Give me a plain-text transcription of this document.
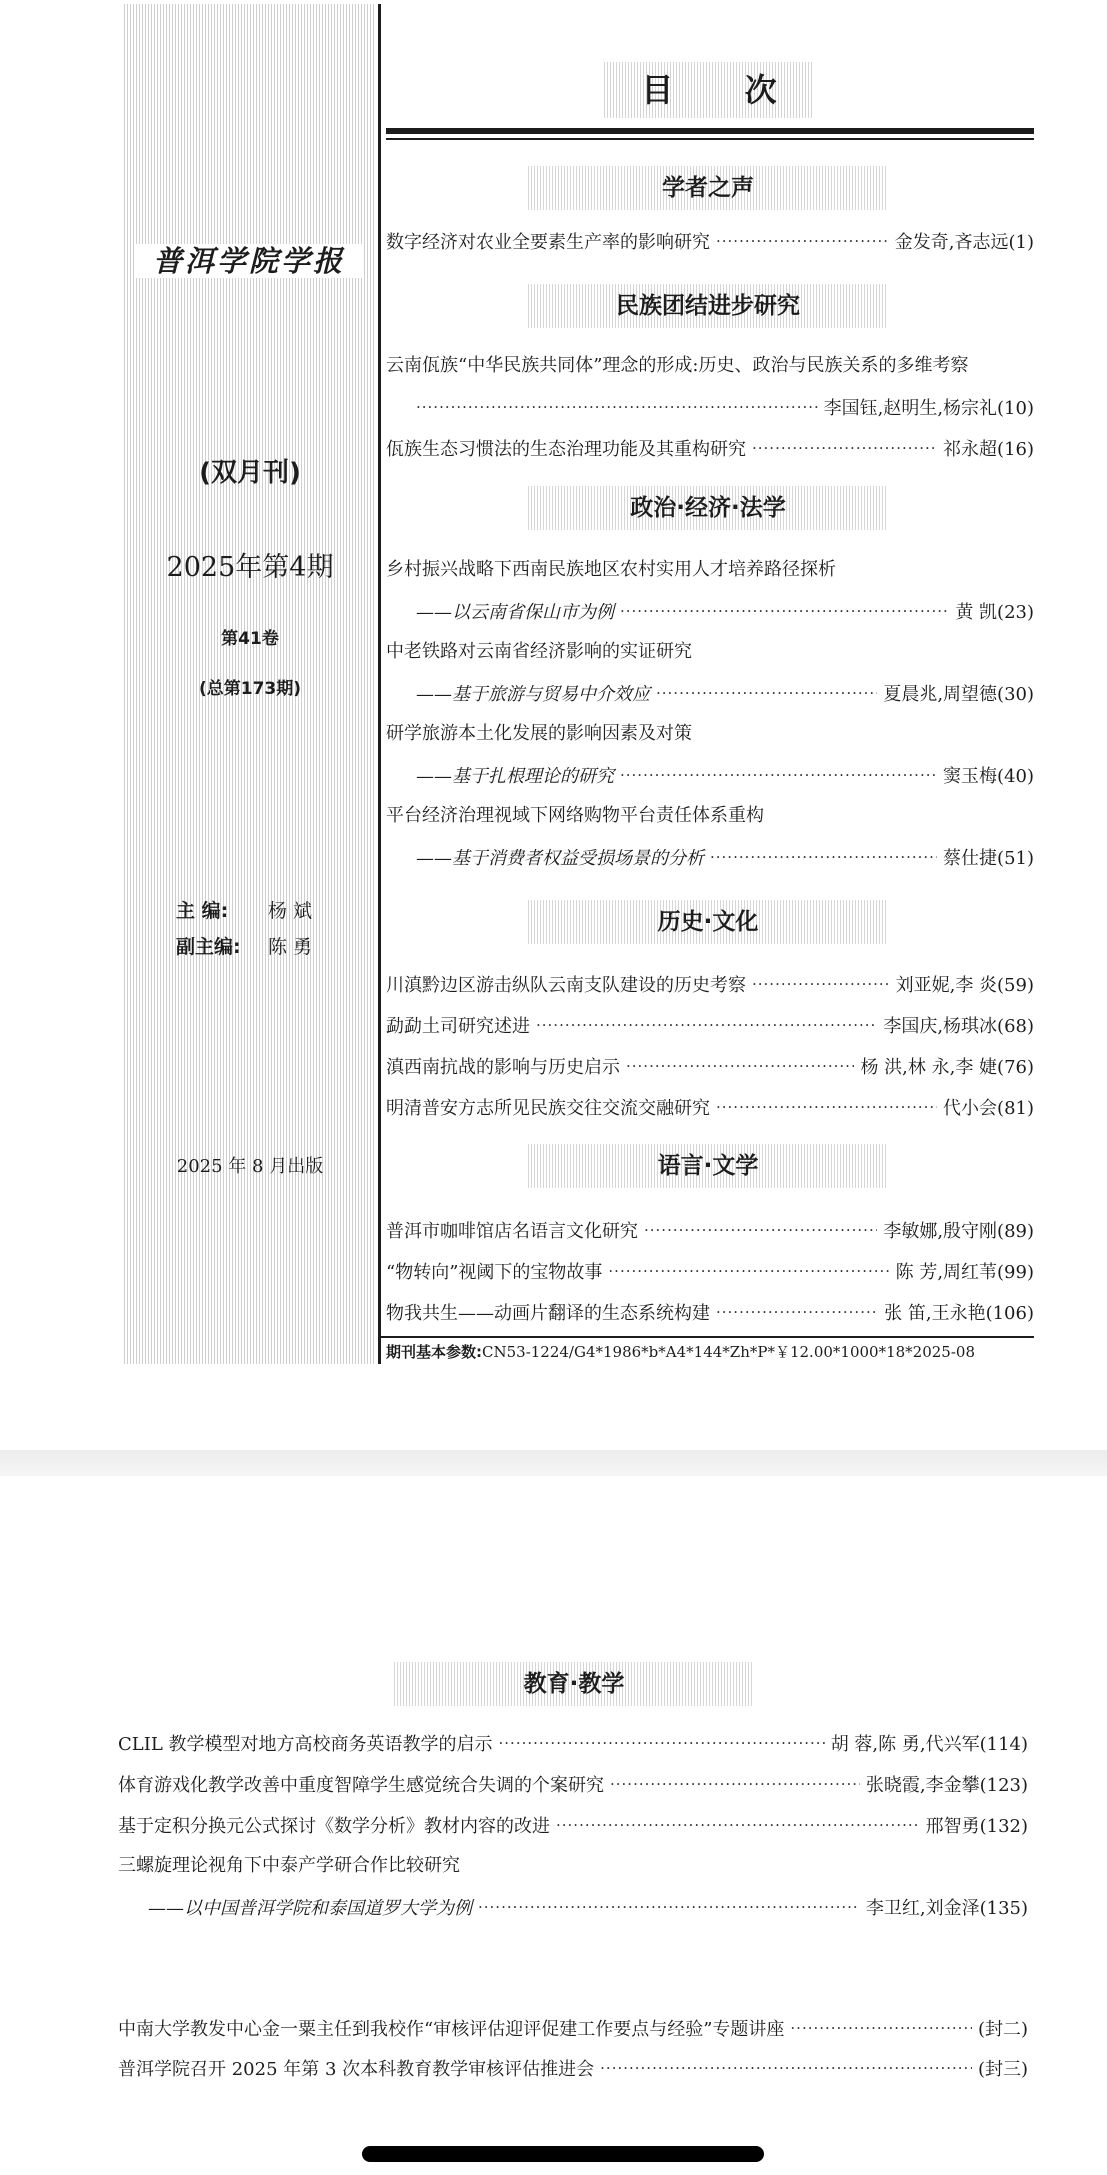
普洱学院学报
(双月刊)
2025年第4期
第41卷
(总第173期)
主 编: 杨 斌
副主编: 陈 勇
2025 年 8 月出版
目 次
学者之声
数字经济对农业全要素生产率的影响研究 ·····	金发奇,吝志远(1)
民族团结进步研究
云南佤族“中华民族共同体”理念的形成:历史、政治与民族关系的多维考察
·····
李国钰,赵明生,杨宗礼(10)
佤族生态习惯法的生态治理功能及其重构研究 ·····	祁永超(16)
政治·经济·法学
乡村振兴战略下西南民族地区农村实用人才培养路径探析
——以云南省保山市为例 ·····	黄 凯(23)
中老铁路对云南省经济影响的实证研究
——基于旅游与贸易中介效应 ·····	夏晨兆,周望德(30)
研学旅游本土化发展的影响因素及对策
——基于扎根理论的研究 ·····	窦玉梅(40)
平台经济治理视域下网络购物平台责任体系重构
——基于消费者权益受损场景的分析 ·····	蔡仕捷(51)
历史·文化
川滇黔边区游击纵队云南支队建设的历史考察 ·····	刘亚妮,李 炎(59)
勐勐土司研究述进 ·····	李国庆,杨琪冰(68)
滇西南抗战的影响与历史启示 ·····	杨 洪,林 永,李 婕(76)
明清普安方志所见民族交往交流交融研究 ·····	代小会(81)
语言·文学
普洱市咖啡馆店名语言文化研究 ·····	李敏娜,殷守刚(89)
“物转向”视阈下的宝物故事 ·····	陈 芳,周红苇(99)
物我共生——动画片翻译的生态系统构建 ·····	张 笛,王永艳(106)
期刊基本参数:CN53-1224/G4*1986*b*A4*144*Zh*P*￥12.00*1000*18*2025-08
教育·教学
CLIL 教学模型对地方高校商务英语教学的启示 ·····	胡 蓉,陈 勇,代兴军(114)
体育游戏化教学改善中重度智障学生感觉统合失调的个案研究 ·····	张晓霞,李金攀(123)
基于定积分换元公式探讨《数学分析》教材内容的改进 ·····	邢智勇(132)
三螺旋理论视角下中泰产学研合作比较研究
——以中国普洱学院和泰国道罗大学为例 ·····	李卫红,刘金泽(135)
中南大学教发中心金一粟主任到我校作“审核评估迎评促建工作要点与经验”专题讲座 ·····	(封二)
普洱学院召开 2025 年第 3 次本科教育教学审核评估推进会 ·····	(封三)
